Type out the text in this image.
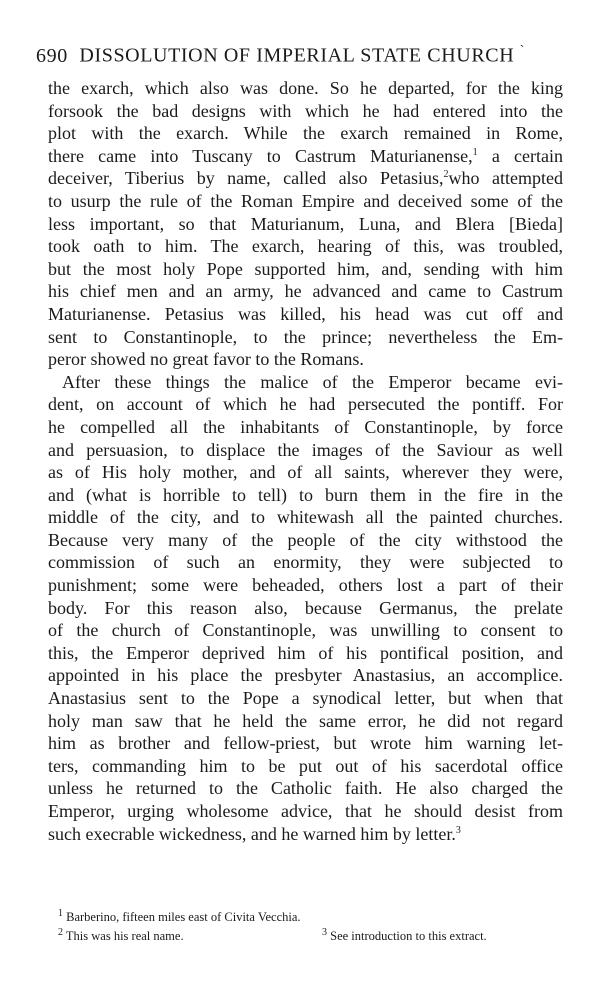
690 DISSOLUTION OF IMPERIAL STATE CHURCH `
the exarch, which also was done. So he departed, for the king
forsook the bad designs with which he had entered into the
plot with the exarch. While the exarch remained in Rome,
there came into Tuscany to Castrum Maturianense,$^1$ a certain
deceiver, Tiberius by name, called also Petasius,$^2$who attempted
to usurp the rule of the Roman Empire and deceived some of the
less important, so that Maturianum, Luna, and Blera [Bieda]
took oath to him. The exarch, hearing of this, was troubled,
but the most holy Pope supported him, and, sending with him
his chief men and an army, he advanced and came to Castrum
Maturianense. Petasius was killed, his head was cut off and
sent to Constantinople, to the prince; nevertheless the Em-
peror showed no great favor to the Romans.
After these things the malice of the Emperor became evi-
dent, on account of which he had persecuted the pontiff. For
he compelled all the inhabitants of Constantinople, by force
and persuasion, to displace the images of the Saviour as well
as of His holy mother, and of all saints, wherever they were,
and (what is horrible to tell) to burn them in the fire in the
middle of the city, and to whitewash all the painted churches.
Because very many of the people of the city withstood the
commission of such an enormity, they were subjected to
punishment; some were beheaded, others lost a part of their
body. For this reason also, because Germanus, the prelate
of the church of Constantinople, was unwilling to consent to
this, the Emperor deprived him of his pontifical position, and
appointed in his place the presbyter Anastasius, an accomplice.
Anastasius sent to the Pope a synodical letter, but when that
holy man saw that he held the same error, he did not regard
him as brother and fellow-priest, but wrote him warning let-
ters, commanding him to be put out of his sacerdotal office
unless he returned to the Catholic faith. He also charged the
Emperor, urging wholesome advice, that he should desist from
such execrable wickedness, and he warned him by letter.$^3$
$^1$ Barberino, fifteen miles east of Civita Vecchia.
$^2$ This was his real name.	$^3$ See introduction to this extract.
